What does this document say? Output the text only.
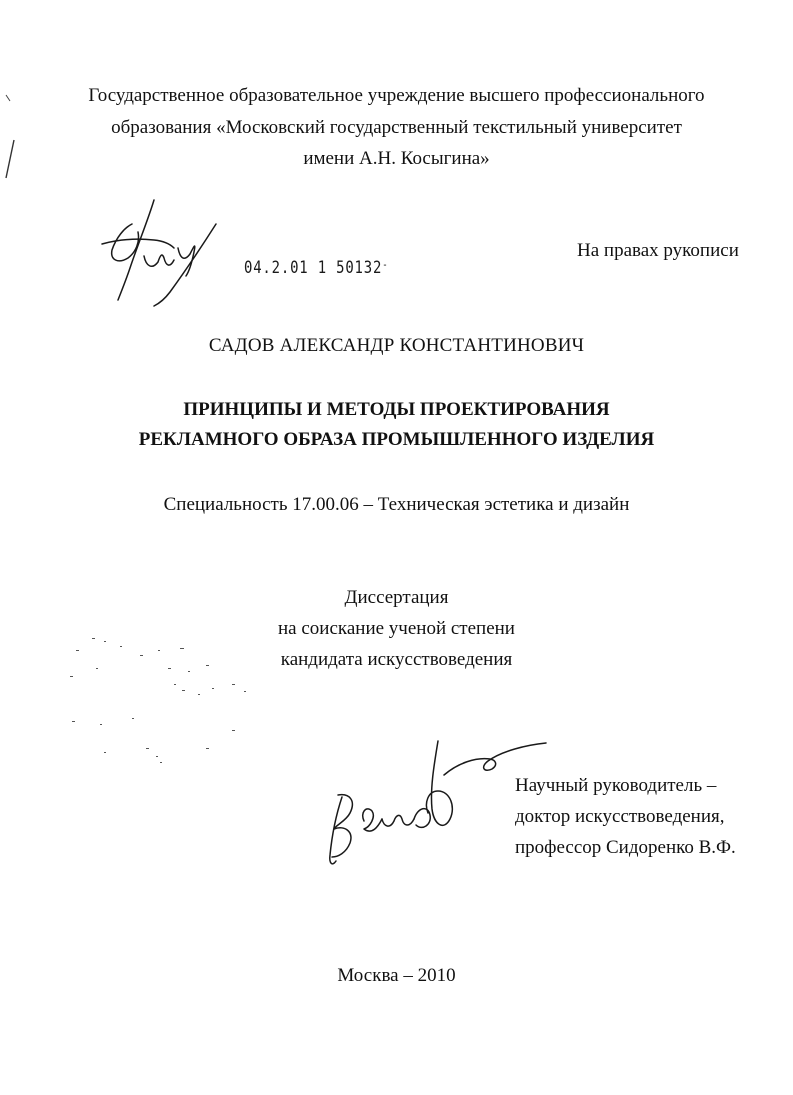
Государственное образовательное учреждение высшего профессионального
образования «Московский государственный текстильный университет
имени А.Н. Косыгина»
04.2.01 1 50132-
На правах рукописи
САДОВ АЛЕКСАНДР КОНСТАНТИНОВИЧ
ПРИНЦИПЫ И МЕТОДЫ ПРОЕКТИРОВАНИЯ
РЕКЛАМНОГО ОБРАЗА ПРОМЫШЛЕННОГО ИЗДЕЛИЯ
Специальность 17.00.06 – Техническая эстетика и дизайн
Диссертация
на соискание ученой степени
кандидата искусствоведения
Научный руководитель –
доктор искусствоведения,
профессор Сидоренко В.Ф.
Москва – 2010
